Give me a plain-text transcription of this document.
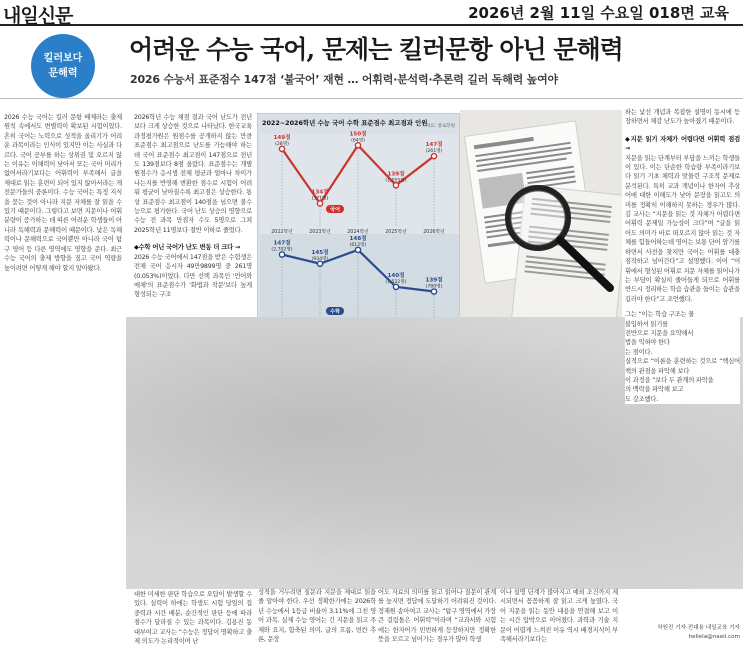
내일신문	2026년 2월 11일 수요일 018면 교육
킬러보다
문해력
어려운 수능 국어, 문제는 킬러문항 아닌 문해력
2026 수능서 표준점수 147점 ‘불국어’ 재현 … 어휘력·분석력·추론력 길러 독해력 높여야

2026 수능 국어는 킬러 문항 배제라는 출제 원칙 속에서도 변별력이 확보된 시험이었다. 흔히 국어는 노력으로 성적을 올리기가 어려운 과목이라는 인식이 있지만 이는 사실과 다르다. 국어 공부를 하는 상위권 및 오르지 않는 이유는 이해력이 낮아서 또는 국어 머리가 없어서라기보다는 어휘력이 부족해서 글을 제대로 읽는 훈련이 되어 있지 않아서라는 게 전문가들의 중론이다. 수능 국어는 특정 지식을 묻는 것이 아니라 지문 자체를 잘 읽을 수 있기 때문이다. 그렇다고 보면 지문이나 어휘 분량이 증가하는 데 따른 어려운 학생들이 아니라 독해력과 문해력이 때문이다. 낯은 독해력이나 문해력으로 국어뿐만 아니라 국어 탐구 영어 등 다른 영역에도 영향을 준다. 최근 수능 국어의 출제 방향을 짚고 국어 역량을 높이려면 어떻게 해야 할지 알아봤다.

2026학년 수능 채점 결과 국어 난도가 전년보다 크게 상승한 것으로 나타났다. 한국교육과정평가원은 원점수를 공개하지 않는 만큼 표준점수 최고점으로 난도를 가늠해야 하는데 국어 표준점수 최고점이 147점으로 전년도 139점보다 8점 올랐다. 표준점수는 개별 원점수가 응시생 전체 평균과 얼마나 차이가 나는지를 반영해 변환한 점수로 시험이 어려워 평균이 낮아질수록 최고점은 상승한다. 통상 표준점수 최고점이 140점을 넘으면 불수능으로 평가한다. 국어 난도 상승의 영향으로 수능 전 과목 만점자 수도 5명으로 그쳐 2025학년 11명보다 절반 이하로 줄었다.

◆수학 어닌 국어가 난도 변동 더 크다 →

2026 수능 국어에서 147점을 받은 수험생은 전체 국어 응시자 49만9899명 중 261명(0.053%)이었다. 다만 선택 과목인 '언어와 매체'의 표준점수가 '화법과 작문'보다 높게 형성되는 구조

2022~2026학년 수능 국어 수학 표준점수 최고점과 인원
자료: 종로학원
149점
(28명)
134점
(371명)
150점
(64명)
139점
(1,055명)
147점
(261명)
국어
2022학년	2023학년	2024학년	2025학년	2026학년
147점
(2,702명)	145점
(934명)
148점
(612명)
140점
(1,522명)	139점
(780명)
수학

대한 미세한 판단 학습으로 오답이 발생할 수 있다. 실력이 하에는 학생도 시험 당일의 집중력과 시간 배분, 순간적인 판단 등에 따라 점수가 달라질 수 있는 과목이다. 김용진 동대부여고 교사는 “수능은 정답이 명확하고 출제 의도가 논리적이며 난

성적을 거두려면 질문과 지문을 제대로 읽을 줄 알아야 한다. 우선 정확한가에는 2026학년 수능에서 1등급 비율이 3.11%에 그친 영어 과목. 실제 수능 영어는 긴 지문을 읽고 주제와 요지, 함축된 의미, 글의 흐름, 빈칸 추론, 문장

어도 자료의 의미를 읽고 읽어나 질문이 관계를 높지면 정답에 도달하기 어려워진 것이다. 정재원 송아여고 교사는 “탐구 영역에서 가장 큰 걸림돌은 어휘력”이라며 “교과서와 시험에는 한자어가 빈번하게 등장하지만 정확한 뜻을 모르고 넘어가는 경우가 많아 학생

이나 설명 단계가 많아지고 예외 조건까지 제시되면서 꼼꼼하게 잘 읽고 크게 높였다. 국어 지문을 읽는 동안 내용을 연결해 보고 이는 시간 압박으로 이어졌다. 과학과 기술 지문이 어렵게 느껴진 이유 역시 배경지식이 부족해서라기보다는

하는 낯선 개념과 복잡한 설명이 동시에 등장하면서 체감 난도가 높아졌기 때문이다.

◆지문 읽기 자체가 어렵다면 어휘력 점검 →

지문을 읽는 단계부터 부담을 느끼는 학생들이 있다. 이는 단순한 학습량 부족이라기보다 읽기 기초 체력과 맞물린 구조적 문제로 분석된다. 특히 교과 개념이나 한자어 추상어에 대한 이해도가 낮아 문장을 읽고도 의미를 정확히 이해하지 못하는 경우가 많다. 김 교사는 “지문을 읽는 것 자체가 어렵다면 어휘력 문제일 가능성이 크다”며 “글을 읽어도 의미가 바로 떠오르지 않아 읽는 것 자체를 힘들어하는데 영어는 보통 단어 암기를 하면서 사전을 찾지만 국어는 어휘를 대충 짐작하고 넘어간다”고 설명했다. 이어 “어휘에서 형성된 어휘로 지문 자체를 읽어나가는 부담이 확실히 줄어들게 되므로 어휘를 반드시 정리하는 학습 습관을 들이는 습관을 길러야 한다”고 조언했다.

그는 “이는 학습 구조는 물
불입하셔 읽기를
전반으로 지문을 요약해서
법을 익혀야 한다
는 점이다.
실적으로 “이론을 훈련하는 것으로 “핵심어 책의 관점을 파악해 보다
이 과정을 “보다 두 관계의 파악을
의 맥락을 파악해 보고
도 강조했다.
차원진 기자·전대용 내일교육 기자
hellela@naeil.com
